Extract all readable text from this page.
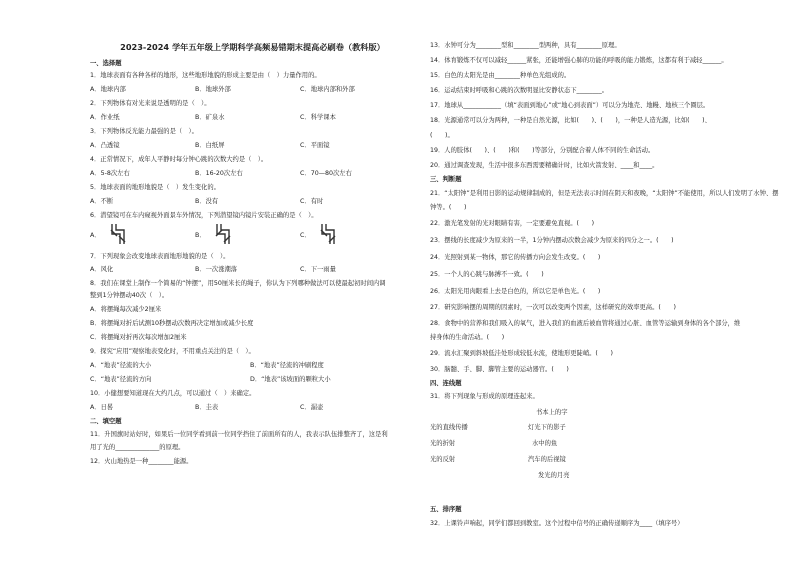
2023-2024 学年五年级上学期科学高频易错期末提高必刷卷（教科版）
一、选择题
1．地球表面有各种各样的地形，这些地形地貌的形成主要是由（　）力量作用的。
A．地球内部	B．地球外部	C．地球内部和外部
2．下列物体有对光来说是透明的是（　）。
A．作业纸	B．矿泉水	C．科学课本
3．下列物体反光能力最强的是（　）。
A．凸透镜	B．白纸屏	C．平面镜
4．正常情况下，成年人平静时每分钟心跳的次数大约是（　）。
A．5-8次左右	B．16-20次左右	C．70—80次左右
5．地球表面的地形地貌是（　）发生变化的。
A．不断	B．没有	C．有时
6．潜望镜可在车内窥视外面景车外情况，下列潜望镜内镜片安装正确的是（　）。
A．	B．	C．
7．下列现象会改变地球表面地形地貌的是（　）。
A．风化	B．一次涨潮落	C．下一雨量
8．我们在课堂上制作一个简易的“钟摆”，用50厘米长的绳子，你认为下列哪种做法可以使最起初时间内调
整到1分钟摆动40次（　）。
A．将摆绳每次减少2厘米
B．将摆绳对折后试测10秒摆动次数再决定增加或减少长度
C．将摆绳对折再次每次增加2厘米
9．探究“应用”观察地表变化时，不用重点关注的是（　）。
A．“地表”径流的大小	B．“地表”径流的冲刷程度
C．“地表”径流的方向	D．“地表”该坡面的颗粒大小
10．小健想要知道现在大约几点，可以通过（　）来确定。
A．日晷	B．圭表	C．漏壶
二、填空题
11．升国旗时站好时，如果后一位同学看到前一位同学挡住了前面所有的人，我表示队伍排整齐了，这是利
用了光的______________的原理。
12．火山地热是一种________能源。
13．水钟可分为________型和________型两种，具有________原理。
14．体育锻炼不仅可以减轻______紧张，还能增强心肺的功能的呼吸的能力锻炼，这都有利于减轻______。
15．白色的太阳光是由________种单色光组成的。
16．运动结束时呼吸和心跳的次数明显比安静状态下________。
17．地球从____________（填“表面到地心”或“地心到表面”）可以分为地壳、地幔、地核三个圈层。
18．光源通常可以分为两种，一种是自然光源，比如(　　)、(　　)，一种是人造光源，比如(　　)、
(　　)。
19．人的肢体(　　)、(　　)和(　　)等部分，分别配合着人体不同的生命活动。
20．通过调查发现，生活中很多东西需要精确计时，比如火箭发射、____和____。
三、判断题
21．“太阳钟”是利用日影的运动规律制成的，但是无法表示时间在阴天和夜晚，“太阳钟”不能使用，所以人们发明了水钟、摆
钟等。(　　)
22．激光笔发射的光对眼睛有害，一定要避免直视。(　　)
23．摆线的长度减少为原来的一半，1分钟内摆动次数会减少为原来的四分之一。(　　)
24．光照射到某一物体，那它的传播方向会发生改变。(　　)
25．一个人的心跳与脉搏不一致。(　　)
26．太阳光用肉眼看上去是白色的，所以它是单色光。(　　)
27．研究影响摆的周期的因素时，一次可以改变两个因素，这样研究的效率更高。(　　)
28．食物中的营养和我们吸入的氧气，进入我们的血液后被血管将通过心脏、血管等运输到身体的各个部分，维
持身体的生命活动。(　　)
29．流水汇聚到斜坡低洼处形成较低水流，使地形更陡峭。(　　)
30．脑髓、手、脚、脚管主要的运动器官。(　　)
四、连线题
31．将下列现象与形成的原理连起来。
光的直线传播
光的折射
光的反射
书本上的字
灯光下的影子
水中的鱼
汽车的后视镜
发光的月亮
五、排序题
32．上课铃声响起，同学们都回到教室。这个过程中信号的正确传递顺序为____（填序号）
